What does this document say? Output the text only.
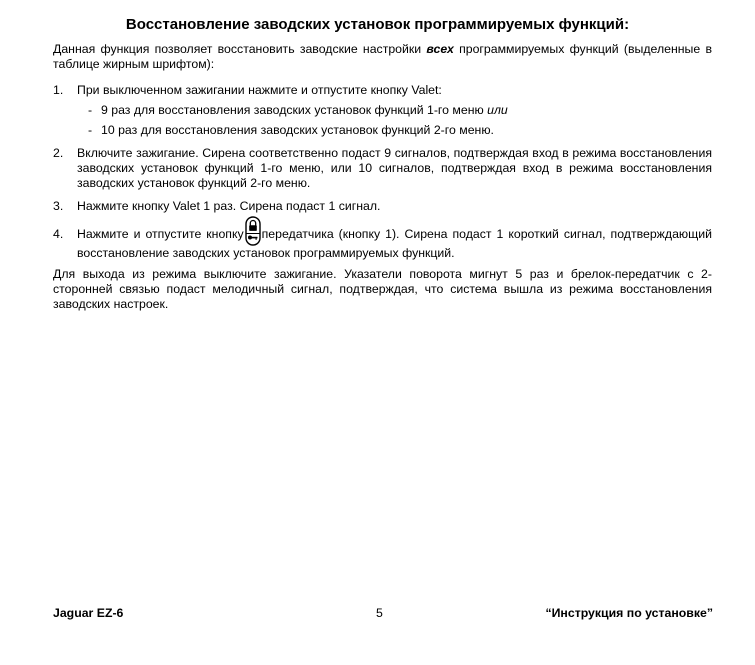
Восстановление заводских установок программируемых функций:

Данная функция позволяет восстановить заводские настройки всех программируемых функций (выделенные в таблице жирным шрифтом):

1. При выключенном зажигании нажмите и отпустите кнопку Valet:
- 9 раз для восстановления заводских установок функций 1-го меню или
- 10 раз для восстановления заводских установок функций 2-го меню.
2. Включите зажигание. Сирена соответственно подаст 9 сигналов, подтверждая вход в режима восстановления заводских установок функций 1-го меню, или 10 сигналов, подтверждая вход в режима восстановления заводских установок функций 2-го меню.
3. Нажмите кнопку Valet 1 раз. Сирена подаст 1 сигнал.
4. Нажмите и отпустите кнопку передатчика (кнопку 1). Сирена подаст 1 короткий сигнал, подтверждающий восстановление заводских установок программируемых функций.

Для выхода из режима выключите зажигание. Указатели поворота мигнут 5 раз и брелок-передатчик с 2-сторонней связью подаст мелодичный сигнал, подтверждая, что система вышла из режима восстановления заводских настроек.

Jaguar EZ-6	5	“Инструкция по установке”
